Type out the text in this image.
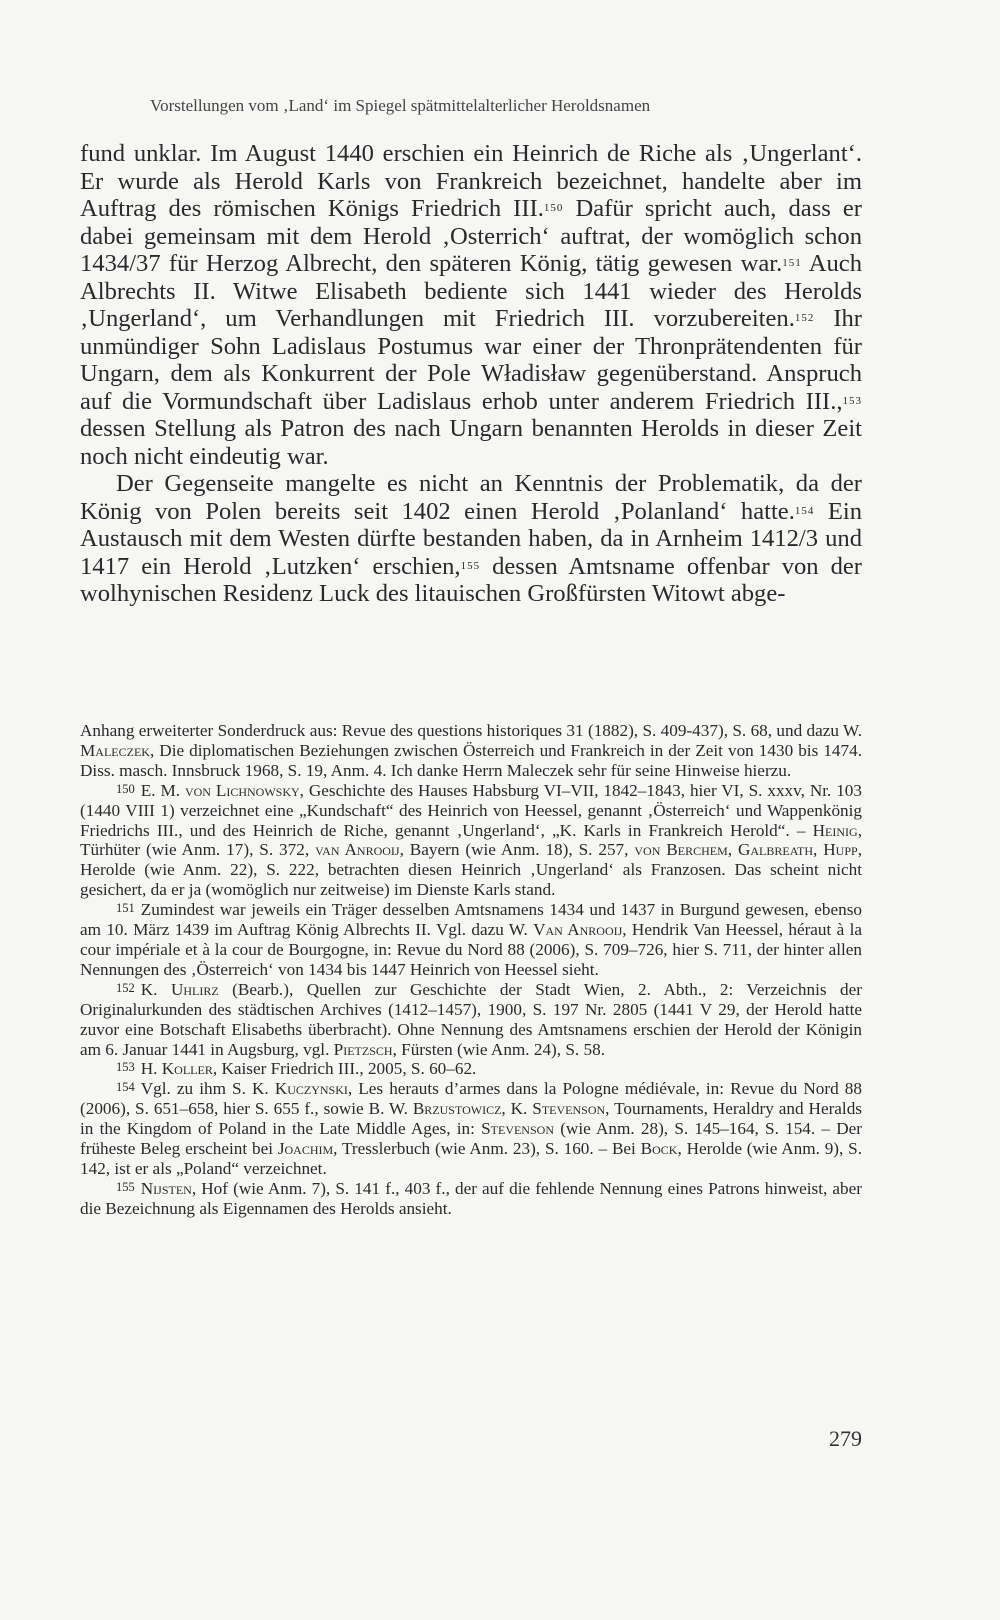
Vorstellungen vom ‚Land‘ im Spiegel spätmittelalterlicher Heroldsnamen

fund unklar. Im August 1440 erschien ein Heinrich de Riche als ‚Ungerlant‘. Er wurde als Herold Karls von Frankreich bezeichnet, handelte aber im Auftrag des römischen Königs Friedrich III.$^{150}$ Dafür spricht auch, dass er dabei gemeinsam mit dem Herold ‚Osterrich‘ auftrat, der womöglich schon 1434/37 für Herzog Albrecht, den späteren König, tätig gewesen war.$^{151}$ Auch Albrechts II. Witwe Elisabeth bediente sich 1441 wieder des Herolds ‚Ungerland‘, um Verhandlungen mit Friedrich III. vorzubereiten.$^{152}$ Ihr unmündiger Sohn Ladislaus Postumus war einer der Thronprätendenten für Ungarn, dem als Konkurrent der Pole Władisław gegenüberstand. Anspruch auf die Vormundschaft über Ladislaus erhob unter anderem Friedrich III.,$^{153}$ dessen Stellung als Patron des nach Ungarn benannten Herolds in dieser Zeit noch nicht eindeutig war.

Der Gegenseite mangelte es nicht an Kenntnis der Problematik, da der König von Polen bereits seit 1402 einen Herold ‚Polanland‘ hatte.$^{154}$ Ein Austausch mit dem Westen dürfte bestanden haben, da in Arnheim 1412/3 und 1417 ein Herold ‚Lutzken‘ erschien,$^{155}$ dessen Amtsname offenbar von der wolhynischen Residenz Luck des litauischen Großfürsten Witowt abge-

Anhang erweiterter Sonderdruck aus: Revue des questions historiques 31 (1882), S. 409-437), S. 68, und dazu W. Maleczek, Die diplomatischen Beziehungen zwischen Österreich und Frankreich in der Zeit von 1430 bis 1474. Diss. masch. Innsbruck 1968, S. 19, Anm. 4. Ich danke Herrn Maleczek sehr für seine Hinweise hierzu.

150 E. M. von Lichnowsky, Geschichte des Hauses Habsburg VI–VII, 1842–1843, hier VI, S. xxxv, Nr. 103 (1440 VIII 1) verzeichnet eine „Kundschaft“ des Heinrich von Heessel, genannt ‚Österreich‘ und Wappenkönig Friedrichs III., und des Heinrich de Riche, genannt ‚Ungerland‘, „K. Karls in Frankreich Herold“. – Heinig, Türhüter (wie Anm. 17), S. 372, van Anrooij, Bayern (wie Anm. 18), S. 257, von Berchem, Galbreath, Hupp, Herolde (wie Anm. 22), S. 222, betrachten diesen Heinrich ‚Ungerland‘ als Franzosen. Das scheint nicht gesichert, da er ja (womöglich nur zeitweise) im Dienste Karls stand.

151 Zumindest war jeweils ein Träger desselben Amtsnamens 1434 und 1437 in Burgund gewesen, ebenso am 10. März 1439 im Auftrag König Albrechts II. Vgl. dazu W. Van Anrooij, Hendrik Van Heessel, héraut à la cour impériale et à la cour de Bourgogne, in: Revue du Nord 88 (2006), S. 709–726, hier S. 711, der hinter allen Nennungen des ‚Österreich‘ von 1434 bis 1447 Heinrich von Heessel sieht.

152 K. Uhlirz (Bearb.), Quellen zur Geschichte der Stadt Wien, 2. Abth., 2: Verzeichnis der Originalurkunden des städtischen Archives (1412–1457), 1900, S. 197 Nr. 2805 (1441 V 29, der Herold hatte zuvor eine Botschaft Elisabeths überbracht). Ohne Nennung des Amtsnamens erschien der Herold der Königin am 6. Januar 1441 in Augsburg, vgl. Pietzsch, Fürsten (wie Anm. 24), S. 58.

153 H. Koller, Kaiser Friedrich III., 2005, S. 60–62.

154 Vgl. zu ihm S. K. Kuczynski, Les herauts d’armes dans la Pologne médiévale, in: Revue du Nord 88 (2006), S. 651–658, hier S. 655 f., sowie B. W. Brzustowicz, K. Stevenson, Tournaments, Heraldry and Heralds in the Kingdom of Poland in the Late Middle Ages, in: Stevenson (wie Anm. 28), S. 145–164, S. 154. – Der früheste Beleg erscheint bei Joachim, Tresslerbuch (wie Anm. 23), S. 160. – Bei Bock, Herolde (wie Anm. 9), S. 142, ist er als „Poland“ verzeichnet.

155 Nijsten, Hof (wie Anm. 7), S. 141 f., 403 f., der auf die fehlende Nennung eines Patrons hinweist, aber die Bezeichnung als Eigennamen des Herolds ansieht.

279
